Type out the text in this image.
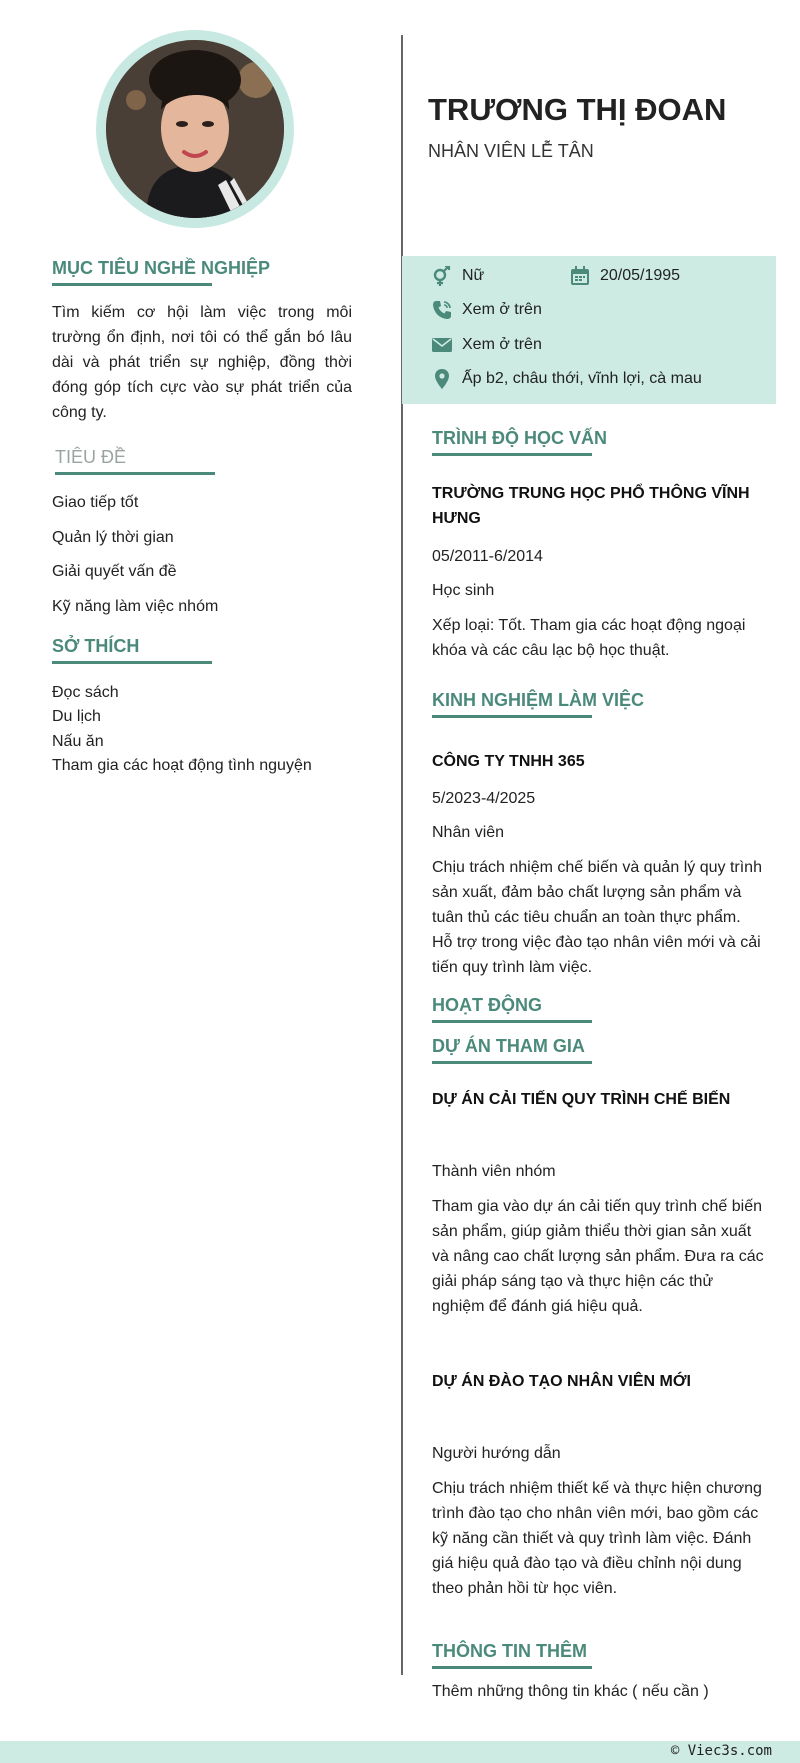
TRƯƠNG THỊ ĐOAN
NHÂN VIÊN LỄ TÂN
Nữ	20/05/1995
Xem ở trên
Xem ở trên
Ấp b2, châu thới, vĩnh lợi, cà mau
MỤC TIÊU NGHỀ NGHIỆP
Tìm kiếm cơ hội làm việc trong môi trường ổn định, nơi tôi có thể gắn bó lâu dài và phát triển sự nghiệp, đồng thời đóng góp tích cực vào sự phát triển của công ty.
TIÊU ĐỀ
Giao tiếp tốt
Quản lý thời gian
Giải quyết vấn đề
Kỹ năng làm việc nhóm
SỞ THÍCH
Đọc sách
Du lịch
Nấu ăn
Tham gia các hoạt động tình nguyện
TRÌNH ĐỘ HỌC VẤN
TRƯỜNG TRUNG HỌC PHỔ THÔNG VĨNH HƯNG
05/2011-6/2014
Học sinh
Xếp loại: Tốt. Tham gia các hoạt động ngoại khóa và các câu lạc bộ học thuật.
KINH NGHIỆM LÀM VIỆC
CÔNG TY TNHH 365
5/2023-4/2025
Nhân viên
Chịu trách nhiệm chế biến và quản lý quy trình sản xuất, đảm bảo chất lượng sản phẩm và tuân thủ các tiêu chuẩn an toàn thực phẩm. Hỗ trợ trong việc đào tạo nhân viên mới và cải tiến quy trình làm việc.
HOẠT ĐỘNG
DỰ ÁN THAM GIA
DỰ ÁN CẢI TIẾN QUY TRÌNH CHẾ BIẾN
Thành viên nhóm
Tham gia vào dự án cải tiến quy trình chế biến sản phẩm, giúp giảm thiểu thời gian sản xuất và nâng cao chất lượng sản phẩm. Đưa ra các giải pháp sáng tạo và thực hiện các thử nghiệm để đánh giá hiệu quả.
DỰ ÁN ĐÀO TẠO NHÂN VIÊN MỚI
Người hướng dẫn
Chịu trách nhiệm thiết kế và thực hiện chương trình đào tạo cho nhân viên mới, bao gồm các kỹ năng cần thiết và quy trình làm việc. Đánh giá hiệu quả đào tạo và điều chỉnh nội dung theo phản hồi từ học viên.
THÔNG TIN THÊM
Thêm những thông tin khác ( nếu cần )
© Viec3s.com
